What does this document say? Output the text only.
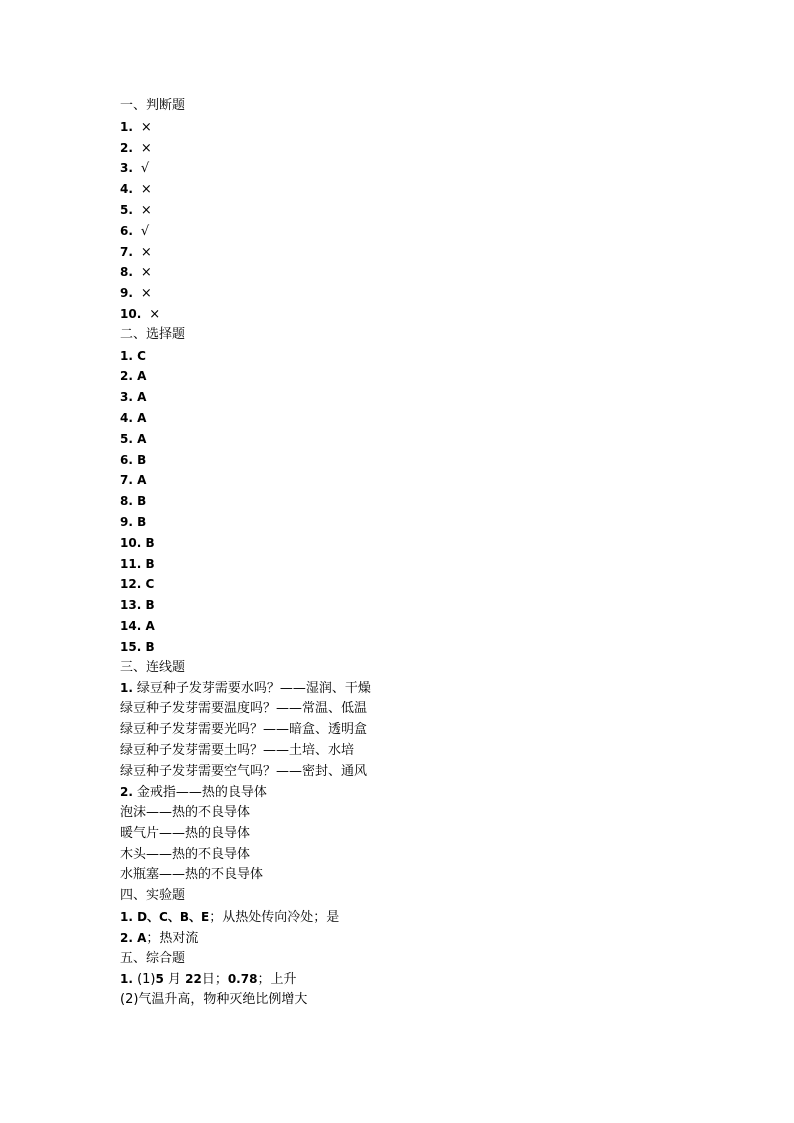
一、判断题
1. ×
2. ×
3. √
4. ×
5. ×
6. √
7. ×
8. ×
9. ×
10. ×
二、选择题
1. C
2. A
3. A
4. A
5. A
6. B
7. A
8. B
9. B
10. B
11. B
12. C
13. B
14. A
15. B
三、连线题
1. 绿豆种子发芽需要水吗？——湿润、干燥
绿豆种子发芽需要温度吗？——常温、低温
绿豆种子发芽需要光吗？——暗盒、透明盒
绿豆种子发芽需要土吗？——土培、水培
绿豆种子发芽需要空气吗？——密封、通风
2. 金戒指——热的良导体
泡沫——热的不良导体
暖气片——热的良导体
木头——热的不良导体
水瓶塞——热的不良导体
四、实验题
1. D、C、B、E；从热处传向冷处；是
2. A；热对流
五、综合题
1. (1)5 月 22日；0.78；上升
(2)气温升高，物种灭绝比例增大
